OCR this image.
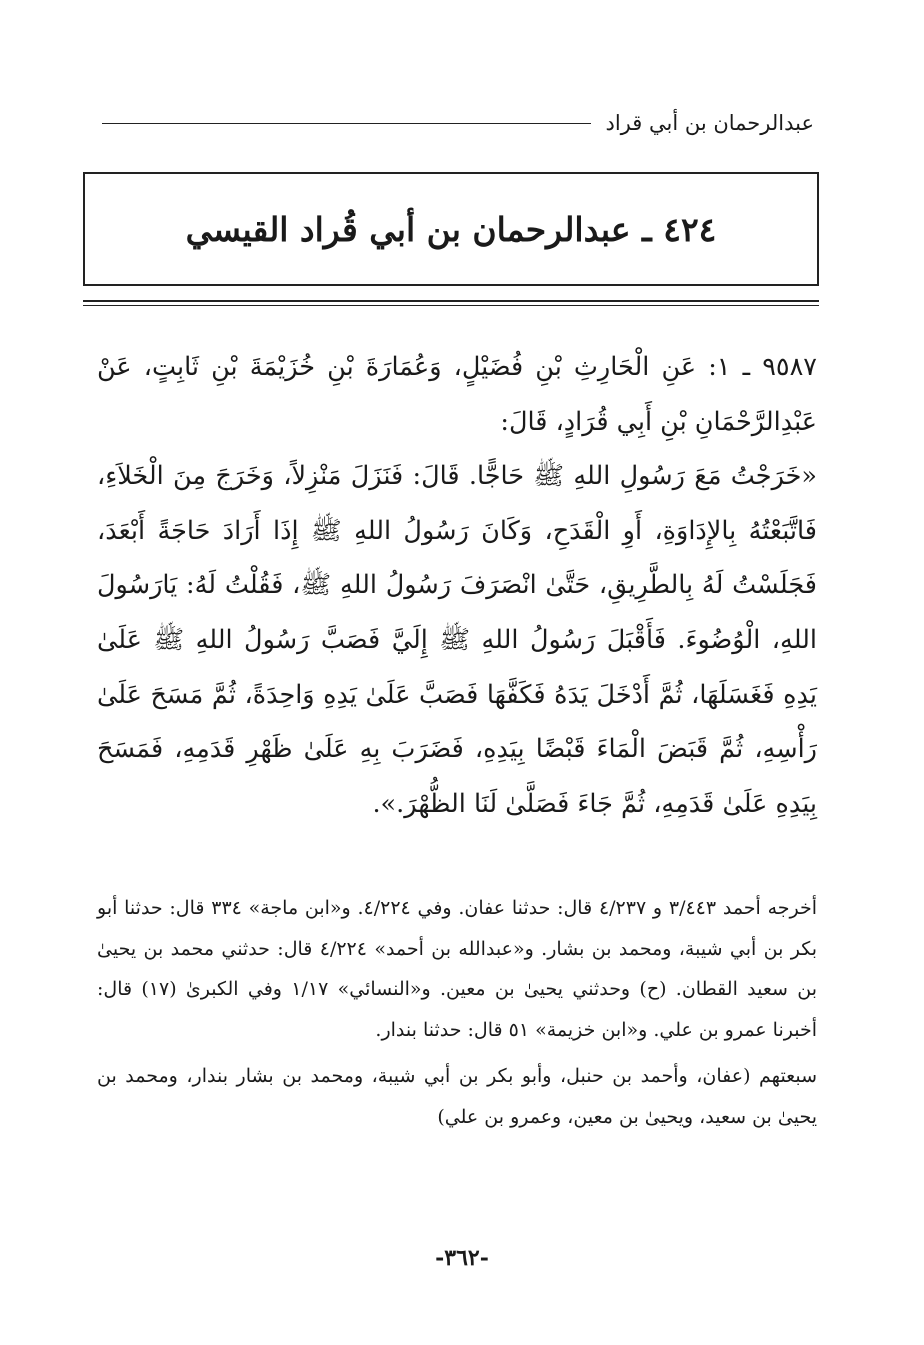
عبدالرحمان بن أبي قراد
٤٢٤ ـ عبدالرحمان بن أبي قُراد القيسي

٩٥٨٧ ـ ١: عَنِ الْحَارِثِ بْنِ فُضَيْلٍ، وَعُمَارَةَ بْنِ خُزَيْمَةَ بْنِ ثَابِتٍ، عَنْ عَبْدِالرَّحْمَانِ بْنِ أَبِي قُرَادٍ، قَالَ:

«خَرَجْتُ مَعَ رَسُولِ اللهِ ﷺ حَاجًّا. قَالَ: فَنَزَلَ مَنْزِلاً، وَخَرَجَ مِنَ الْخَلاَءِ، فَاتَّبَعْتُهُ بِالإِدَاوَةِ، أَوِ الْقَدَحِ، وَكَانَ رَسُولُ اللهِ ﷺ إِذَا أَرَادَ حَاجَةً أَبْعَدَ، فَجَلَسْتُ لَهُ بِالطَّرِيقِ، حَتَّىٰ انْصَرَفَ رَسُولُ اللهِ ﷺ، فَقُلْتُ لَهُ: يَارَسُولَ اللهِ، الْوُضُوءَ. فَأَقْبَلَ رَسُولُ اللهِ ﷺ إِلَيَّ فَصَبَّ رَسُولُ اللهِ ﷺ عَلَىٰ يَدِهِ فَغَسَلَهَا، ثُمَّ أَدْخَلَ يَدَهُ فَكَفَّهَا فَصَبَّ عَلَىٰ يَدِهِ وَاحِدَةً، ثُمَّ مَسَحَ عَلَىٰ رَأْسِهِ، ثُمَّ قَبَضَ الْمَاءَ قَبْضًا بِيَدِهِ، فَضَرَبَ بِهِ عَلَىٰ ظَهْرِ قَدَمِهِ، فَمَسَحَ بِيَدِهِ عَلَىٰ قَدَمِهِ، ثُمَّ جَاءَ فَصَلَّىٰ لَنَا الظُّهْرَ.».

أخرجه أحمد ٣/٤٤٣ و ٤/٢٣٧ قال: حدثنا عفان. وفي ٤/٢٢٤. و«ابن ماجة» ٣٣٤ قال: حدثنا أبو بكر بن أبي شيبة، ومحمد بن بشار. و«عبدالله بن أحمد» ٤/٢٢٤ قال: حدثني محمد بن يحيىٰ بن سعيد القطان. (ح) وحدثني يحيىٰ بن معين. و«النسائي» ١/١٧ وفي الكبرىٰ (١٧) قال: أخبرنا عمرو بن علي. و«ابن خزيمة» ٥١ قال: حدثنا بندار.

سبعتهم (عفان، وأحمد بن حنبل، وأبو بكر بن أبي شيبة، ومحمد بن بشار بندار، ومحمد بن يحيىٰ بن سعيد، ويحيىٰ بن معين، وعمرو بن علي)

-٣٦٢-
